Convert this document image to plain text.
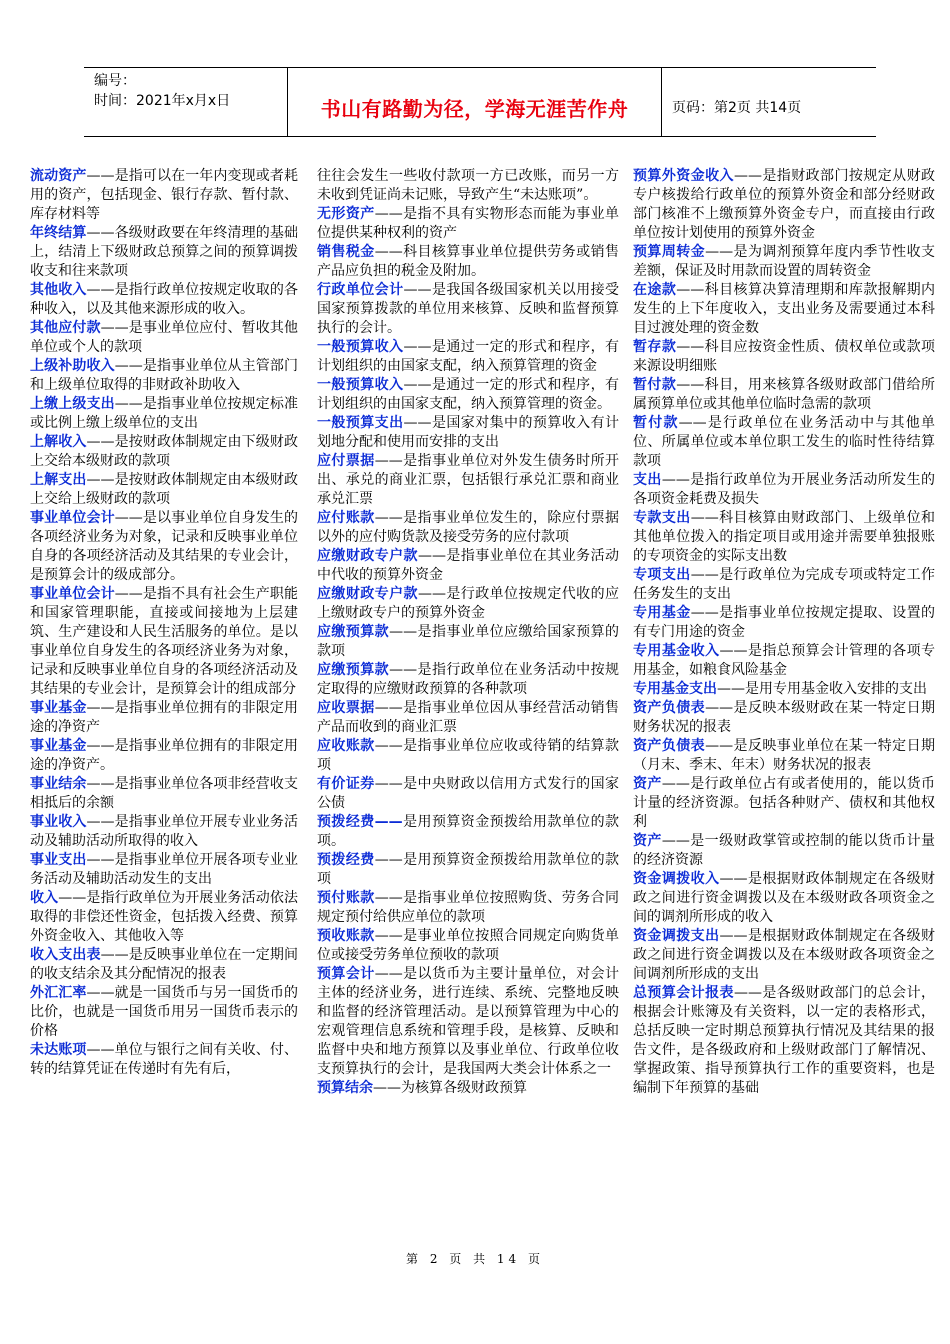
编号：
时间：2021年x月x日	书山有路勤为径，学海无涯苦作舟	页码：第2页 共14页
流动资产——是指可以在一年内变现或者耗用的资产，包括现金、银行存款、暂付款、库存材料等
年终结算——各级财政要在年终清理的基础上，结清上下级财政总预算之间的预算调拨收支和往来款项
其他收入——是指行政单位按规定收取的各种收入，以及其他来源形成的收入。
其他应付款——是事业单位应付、暂收其他单位或个人的款项
上级补助收入——是指事业单位从主管部门和上级单位取得的非财政补助收入
上缴上级支出——是指事业单位按规定标准或比例上缴上级单位的支出
上解收入——是按财政体制规定由下级财政上交给本级财政的款项
上解支出——是按财政体制规定由本级财政上交给上级财政的款项
事业单位会计——是以事业单位自身发生的各项经济业务为对象，记录和反映事业单位自身的各项经济活动及其结果的专业会计，是预算会计的级成部分。
事业单位会计——是指不具有社会生产职能和国家管理职能，直接或间接地为上层建筑、生产建设和人民生活服务的单位。是以事业单位自身发生的各项经济业务为对象，记录和反映事业单位自身的各项经济活动及其结果的专业会计，是预算会计的组成部分
事业基金——是指事业单位拥有的非限定用途的净资产
事业基金——是指事业单位拥有的非限定用途的净资产。
事业结余——是指事业单位各项非经营收支相抵后的余额
事业收入——是指事业单位开展专业业务活动及辅助活动所取得的收入
事业支出——是指事业单位开展各项专业业务活动及辅助活动发生的支出
收入——是指行政单位为开展业务活动依法取得的非偿还性资金，包括拨入经费、预算外资金收入、其他收入等
收入支出表——是反映事业单位在一定期间的收支结余及其分配情况的报表
外汇汇率——就是一国货币与另一国货币的比价，也就是一国货币用另一国货币表示的价格
未达账项——单位与银行之间有关收、付、转的结算凭证在传递时有先有后，
往往会发生一些收付款项一方已改账，而另一方未收到凭证尚未记账，导致产生“未达账项”。
无形资产——是指不具有实物形态而能为事业单位提供某种权利的资产
销售税金——科目核算事业单位提供劳务或销售产品应负担的税金及附加。
行政单位会计——是我国各级国家机关以用接受国家预算拨款的单位用来核算、反映和监督预算执行的会计。
一般预算收入——是通过一定的形式和程序，有计划组织的由国家支配，纳入预算管理的资金
一般预算收入——是通过一定的形式和程序，有计划组织的由国家支配，纳入预算管理的资金。
一般预算支出——是国家对集中的预算收入有计划地分配和使用而安排的支出
应付票据——是指事业单位对外发生债务时所开出、承兑的商业汇票，包括银行承兑汇票和商业承兑汇票
应付账款——是指事业单位发生的，除应付票据以外的应付购货款及接受劳务的应付款项
应缴财政专户款——是指事业单位在其业务活动中代收的预算外资金
应缴财政专户款——是行政单位按规定代收的应上缴财政专户的预算外资金
应缴预算款——是指事业单位应缴给国家预算的款项
应缴预算款——是指行政单位在业务活动中按规定取得的应缴财政预算的各种款项
应收票据——是指事业单位因从事经营活动销售产品而收到的商业汇票
应收账款——是指事业单位应收或待销的结算款项
有价证券——是中央财政以信用方式发行的国家公债
预拨经费——是用预算资金预拨给用款单位的款项。
预拨经费——是用预算资金预拨给用款单位的款项
预付账款——是指事业单位按照购货、劳务合同规定预付给供应单位的款项
预收账款——是事业单位按照合同规定向购货单位或接受劳务单位预收的款项
预算会计——是以货币为主要计量单位，对会计主体的经济业务，进行连续、系统、完整地反映和监督的经济管理活动。是以预算管理为中心的宏观管理信息系统和管理手段，是核算、反映和监督中央和地方预算以及事业单位、行政单位收支预算执行的会计，是我国两大类会计体系之一
预算结余——为核算各级财政预算
预算外资金收入——是指财政部门按规定从财政专户核拨给行政单位的预算外资金和部分经财政部门核准不上缴预算外资金专户，而直接由行政单位按计划使用的预算外资金
预算周转金——是为调剂预算年度内季节性收支差额，保证及时用款而设置的周转资金
在途款——科目核算决算清理期和库款报解期内发生的上下年度收入，支出业务及需要通过本科目过渡处理的资金数
暂存款——科目应按资金性质、债权单位或款项来源设明细账
暂付款——科目，用来核算各级财政部门借给所属预算单位或其他单位临时急需的款项
暂付款——是行政单位在业务活动中与其他单位、所属单位或本单位职工发生的临时性待结算款项
支出——是指行政单位为开展业务活动所发生的各项资金耗费及损失
专款支出——科目核算由财政部门、上级单位和其他单位拨入的指定项目或用途并需要单独报账的专项资金的实际支出数
专项支出——是行政单位为完成专项或特定工作任务发生的支出
专用基金——是指事业单位按规定提取、设置的有专门用途的资金
专用基金收入——是指总预算会计管理的各项专用基金，如粮食风险基金
专用基金支出——是用专用基金收入安排的支出
资产负债表——是反映本级财政在某一特定日期财务状况的报表
资产负债表——是反映事业单位在某一特定日期（月末、季末、年末）财务状况的报表
资产——是行政单位占有或者使用的，能以货币计量的经济资源。包括各种财产、债权和其他权利
资产——是一级财政掌管或控制的能以货币计量的经济资源
资金调拨收入——是根据财政体制规定在各级财政之间进行资金调拨以及在本级财政各项资金之间的调剂所形成的收入
资金调拨支出——是根据财政体制规定在各级财政之间进行资金调拨以及在本级财政各项资金之间调剂所形成的支出
总预算会计报表——是各级财政部门的总会计，根据会计账簿及有关资料，以一定的表格形式，总括反映一定时期总预算执行情况及其结果的报告文件，是各级政府和上级财政部门了解情况、掌握政策、指导预算执行工作的重要资料，也是编制下年预算的基础
第 2 页 共 14 页
